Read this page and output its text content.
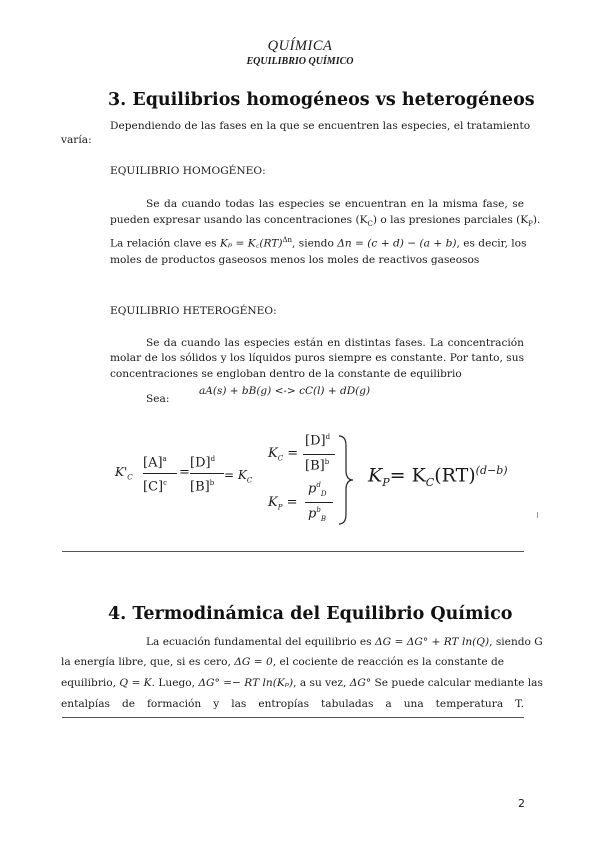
QUÍMICA
EQUILIBRIO QUÍMICO
3. Equilibrios homogéneos vs heterogéneos
Dependiendo de las fases en la que se encuentren las especies, el tratamiento
varía:
EQUILIBRIO HOMOGÉNEO:
Se da cuando todas las especies se encuentran en la misma fase, se
pueden expresar usando las concentraciones $(K_C)$ o las presiones parciales $(K_P)$.
La relación clave es Kₚ = K꜀(RT)$^{\Delta n}$, siendo Δn = (c + d) − (a + b), es decir, los
moles de productos gaseosos menos los moles de reactivos gaseosos
EQUILIBRIO HETEROGÉNEO:
Se da cuando las especies están en distintas fases. La concentración
molar de los sólidos y los líquidos puros siempre es constante. Por tanto, sus
concentraciones se engloban dentro de la constante de equilibrio
Sea:
aA(s) + bB(g) <-> cC(l) + dD(g)
$K'_C$
$[A]^a$
$[C]^c$
=
$[D]^d$
$[B]^b$
= $K_C$
$K_C$ =
$[D]^d$
$[B]^b$
$K_P$ =
$p^d_D$
$p^b_B$
$K_P= K_C(RT)^{(d-b)}$
4. Termodinámica del Equilibrio Químico
La ecuación fundamental del equilibrio es ΔG = ΔG° + RT ln(Q), siendo G
la energía libre, que, si es cero, ΔG = 0, el cociente de reacción es la constante de
equilibrio, Q = K. Luego, ΔG° =− RT ln(Kₚ), a su vez, ΔG° Se puede calcular mediante las
entalpías de formación y las entropías tabuladas a una temperatura T.
2
